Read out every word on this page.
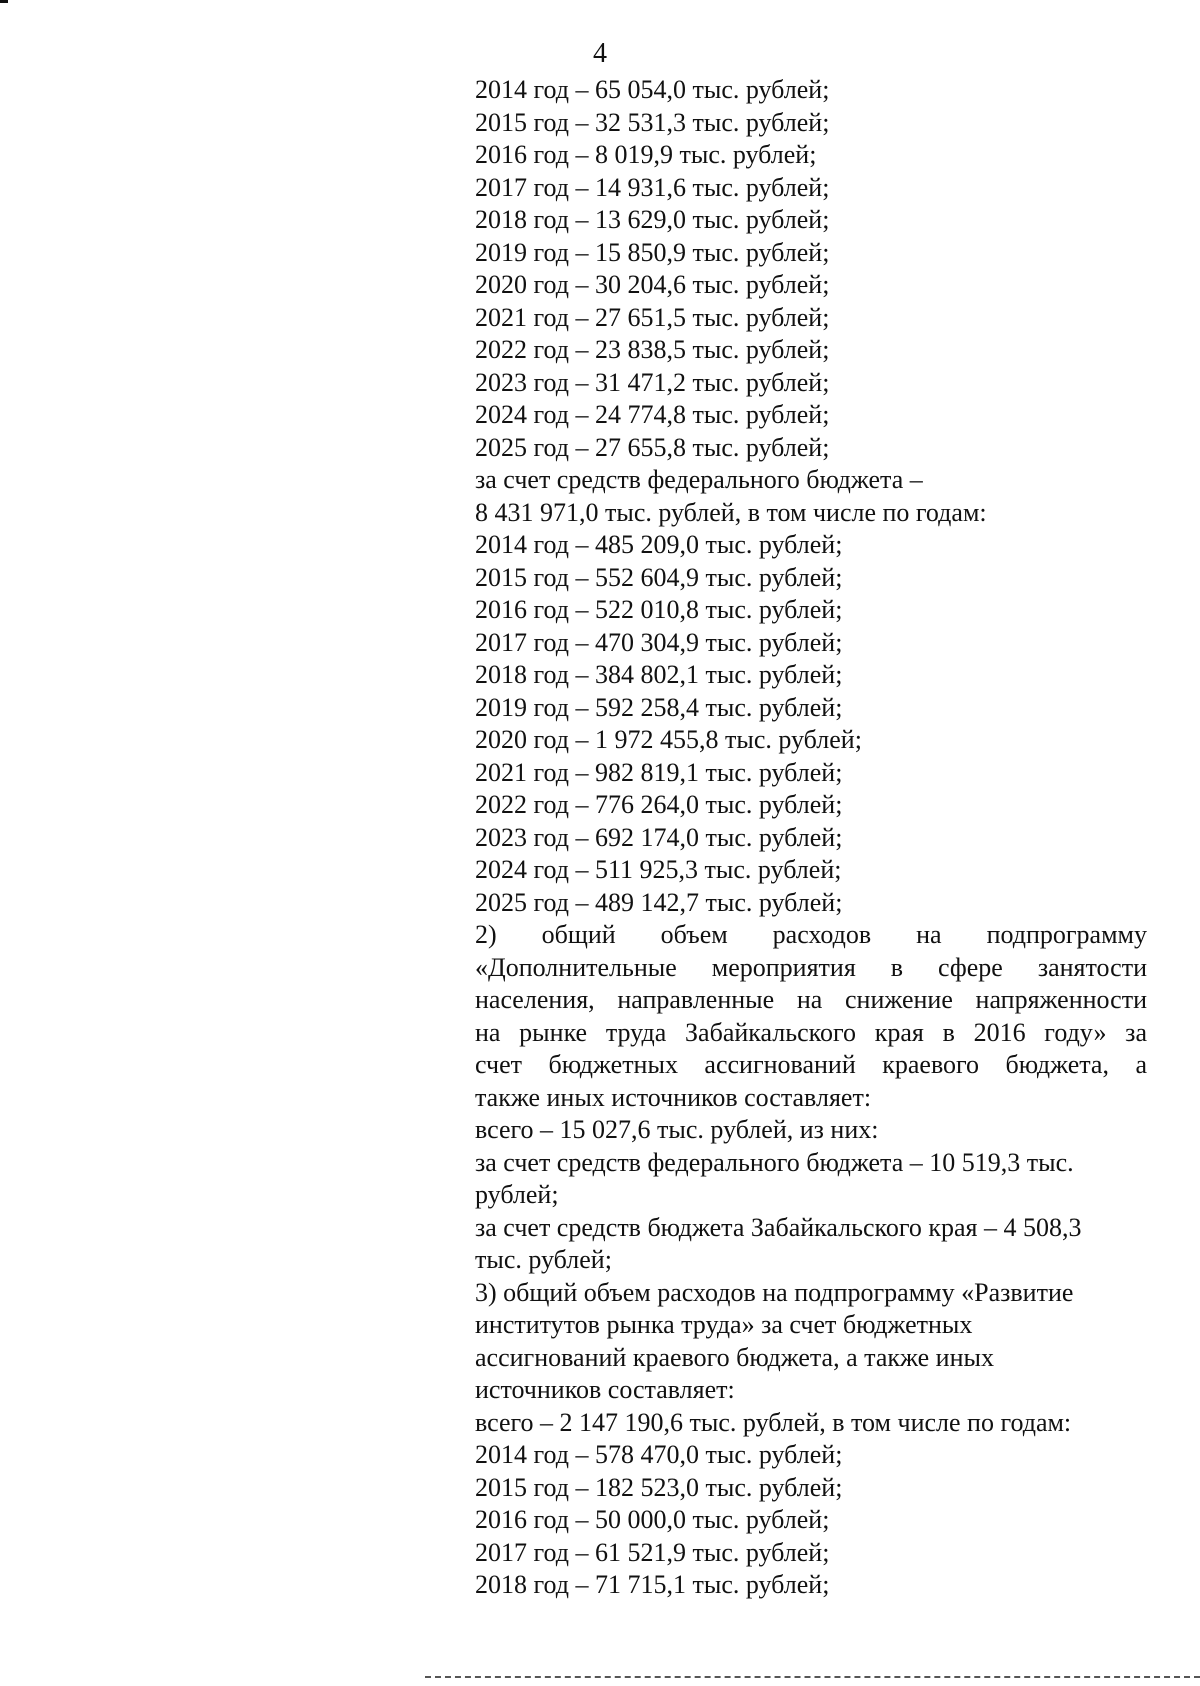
4
2014 год – 65 054,0 тыс. рублей;
2015 год – 32 531,3 тыс. рублей;
2016 год – 8 019,9 тыс. рублей;
2017 год – 14 931,6 тыс. рублей;
2018 год – 13 629,0 тыс. рублей;
2019 год – 15 850,9 тыс. рублей;
2020 год – 30 204,6 тыс. рублей;
2021 год – 27 651,5 тыс. рублей;
2022 год – 23 838,5 тыс. рублей;
2023 год – 31 471,2 тыс. рублей;
2024 год – 24 774,8 тыс. рублей;
2025 год – 27 655,8 тыс. рублей;
за счет средств федерального бюджета –
8 431 971,0 тыс. рублей, в том числе по годам:
2014 год – 485 209,0 тыс. рублей;
2015 год – 552 604,9 тыс. рублей;
2016 год – 522 010,8 тыс. рублей;
2017 год – 470 304,9 тыс. рублей;
2018 год – 384 802,1 тыс. рублей;
2019 год – 592 258,4 тыс. рублей;
2020 год – 1 972 455,8 тыс. рублей;
2021 год – 982 819,1 тыс. рублей;
2022 год – 776 264,0 тыс. рублей;
2023 год – 692 174,0 тыс. рублей;
2024 год – 511 925,3 тыс. рублей;
2025 год – 489 142,7 тыс. рублей;
2) общий объем расходов на подпрограмму
«Дополнительные мероприятия в сфере занятости
населения, направленные на снижение напряженности
на рынке труда Забайкальского края в 2016 году» за
счет бюджетных ассигнований краевого бюджета, а
также иных источников составляет:
всего – 15 027,6 тыс. рублей, из них:
за счет средств федерального бюджета – 10 519,3 тыс.
рублей;
за счет средств бюджета Забайкальского края – 4 508,3
тыс. рублей;
3) общий объем расходов на подпрограмму «Развитие
институтов рынка труда» за счет бюджетных
ассигнований краевого бюджета, а также иных
источников составляет:
всего – 2 147 190,6 тыс. рублей, в том числе по годам:
2014 год – 578 470,0 тыс. рублей;
2015 год – 182 523,0 тыс. рублей;
2016 год – 50 000,0 тыс. рублей;
2017 год – 61 521,9 тыс. рублей;
2018 год – 71 715,1 тыс. рублей;
